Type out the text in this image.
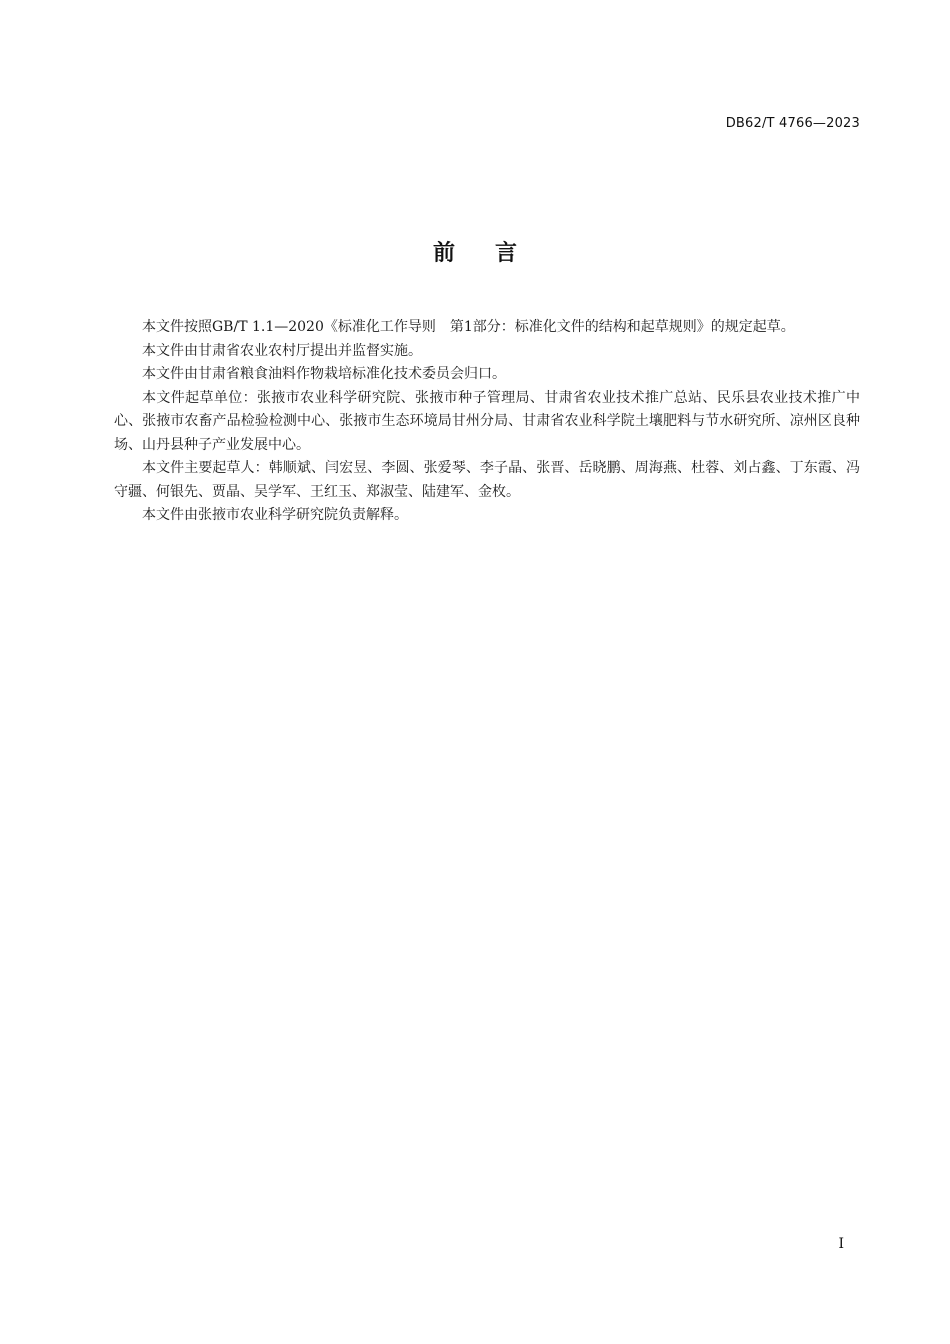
DB62/T 4766—2023
前言

本文件按照GB/T 1.1—2020《标准化工作导则　第1部分：标准化文件的结构和起草规则》的规定起草。

本文件由甘肃省农业农村厅提出并监督实施。

本文件由甘肃省粮食油料作物栽培标准化技术委员会归口。

本文件起草单位：张掖市农业科学研究院、张掖市种子管理局、甘肃省农业技术推广总站、民乐县农业技术推广中心、张掖市农畜产品检验检测中心、张掖市生态环境局甘州分局、甘肃省农业科学院土壤肥料与节水研究所、凉州区良种场、山丹县种子产业发展中心。

本文件主要起草人：韩顺斌、闫宏昱、李圆、张爱琴、李子晶、张晋、岳晓鹏、周海燕、杜蓉、刘占鑫、丁东霞、冯守疆、何银先、贾晶、吴学军、王红玉、郑淑莹、陆建军、金枚。

本文件由张掖市农业科学研究院负责解释。

I
